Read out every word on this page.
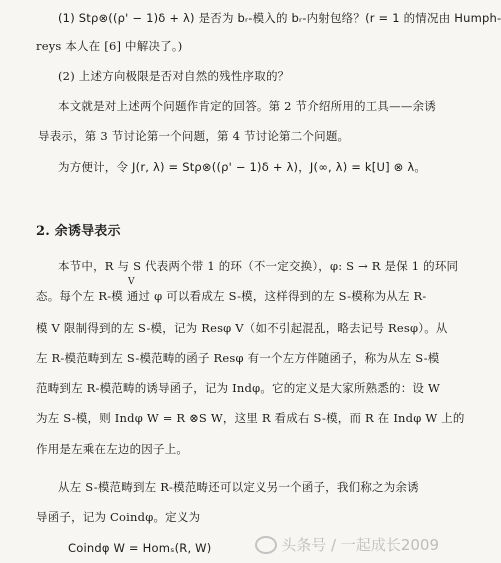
(1) Stρ⊗((ρ' − 1)δ + λ) 是否为 bᵣ-模入的 bᵣ-内射包络？(r = 1 的情况由 Humph-
reys 本人在 [6] 中解决了。)
(2) 上述方向极限是否对自然的残性序取的？
本文就是对上述两个问题作肯定的回答。第 2 节介绍所用的工具——余诱
导表示，第 3 节讨论第一个问题，第 4 节讨论第二个问题。
为方便计，令 J(r, λ) = Stρ⊗((ρ' − 1)δ + λ)，J(∞, λ) = k[U] ⊗ λ。
2. 余诱导表示
本节中，R 与 S 代表两个带 1 的环（不一定交换），φ: S → R 是保 1 的环同
V
态。每个左 R-模 通过 φ 可以看成左 S-模，这样得到的左 S-模称为从左 R-
模 V 限制得到的左 S-模，记为 Resφ V（如不引起混乱，略去记号 Resφ）。从
左 R-模范畴到左 S-模范畴的函子 Resφ 有一个左方伴随函子，称为从左 S-模
范畴到左 R-模范畴的诱导函子，记为 Indφ。它的定义是大家所熟悉的：设 W
为左 S-模，则 Indφ W = R ⊗S W，这里 R 看成右 S-模，而 R 在 Indφ W 上的
作用是左乘在左边的因子上。
从左 S-模范畴到左 R-模范畴还可以定义另一个函子，我们称之为余诱
导函子，记为 Coindφ。定义为
Coindφ W = Homₛ(R, W)	头条号 / 一起成长2009
